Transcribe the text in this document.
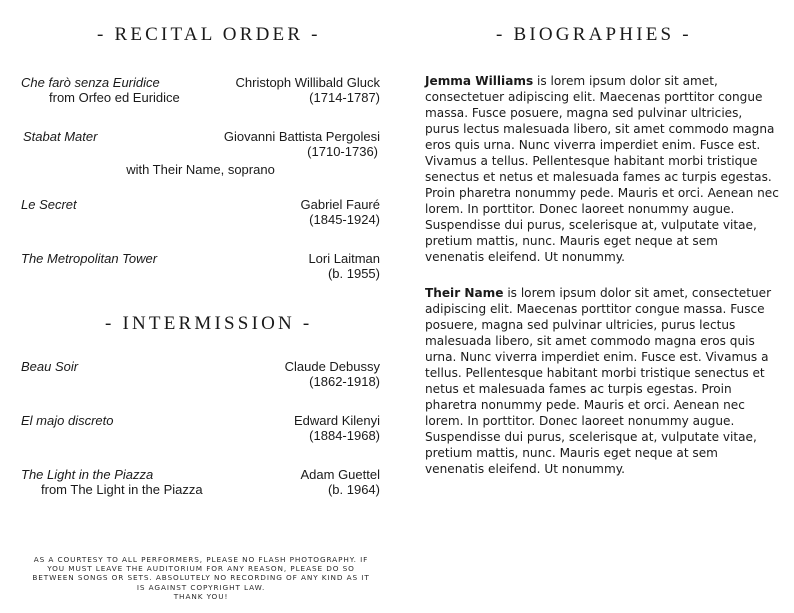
- RECITAL ORDER -
Che farò senza Euridice	Christoph Willibald Gluck
from Orfeo ed Euridice	(1714-1787)
Stabat Mater	Giovanni Battista Pergolesi
(1710-1736)
with Their Name, soprano
Le Secret	Gabriel Fauré
(1845-1924)
The Metropolitan Tower	Lori Laitman
(b. 1955)
- INTERMISSION -
Beau Soir	Claude Debussy
(1862-1918)
El majo discreto	Edward Kilenyi
(1884-1968)
The Light in the Piazza	Adam Guettel
from The Light in the Piazza	(b. 1964)
AS A COURTESY TO ALL PERFORMERS, PLEASE NO FLASH PHOTOGRAPHY. IF YOU MUST LEAVE THE AUDITORIUM FOR ANY REASON, PLEASE DO SO BETWEEN SONGS OR SETS. ABSOLUTELY NO RECORDING OF ANY KIND AS IT IS AGAINST COPYRIGHT LAW.
THANK YOU!
- BIOGRAPHIES -

Jemma Williams is lorem ipsum dolor sit amet, consectetuer adipiscing elit. Maecenas porttitor congue massa. Fusce posuere, magna sed pulvinar ultricies, purus lectus malesuada libero, sit amet commodo magna eros quis urna. Nunc viverra imperdiet enim. Fusce est. Vivamus a tellus. Pellentesque habitant morbi tristique senectus et netus et malesuada fames ac turpis egestas. Proin pharetra nonummy pede. Mauris et orci. Aenean nec lorem. In porttitor. Donec laoreet nonummy augue. Suspendisse dui purus, scelerisque at, vulputate vitae, pretium mattis, nunc. Mauris eget neque at sem venenatis eleifend. Ut nonummy.

Their Name is lorem ipsum dolor sit amet, consectetuer adipiscing elit. Maecenas porttitor congue massa. Fusce posuere, magna sed pulvinar ultricies, purus lectus malesuada libero, sit amet commodo magna eros quis urna. Nunc viverra imperdiet enim. Fusce est. Vivamus a tellus. Pellentesque habitant morbi tristique senectus et netus et malesuada fames ac turpis egestas. Proin pharetra nonummy pede. Mauris et orci. Aenean nec lorem. In porttitor. Donec laoreet nonummy augue. Suspendisse dui purus, scelerisque at, vulputate vitae, pretium mattis, nunc. Mauris eget neque at sem venenatis eleifend. Ut nonummy.
